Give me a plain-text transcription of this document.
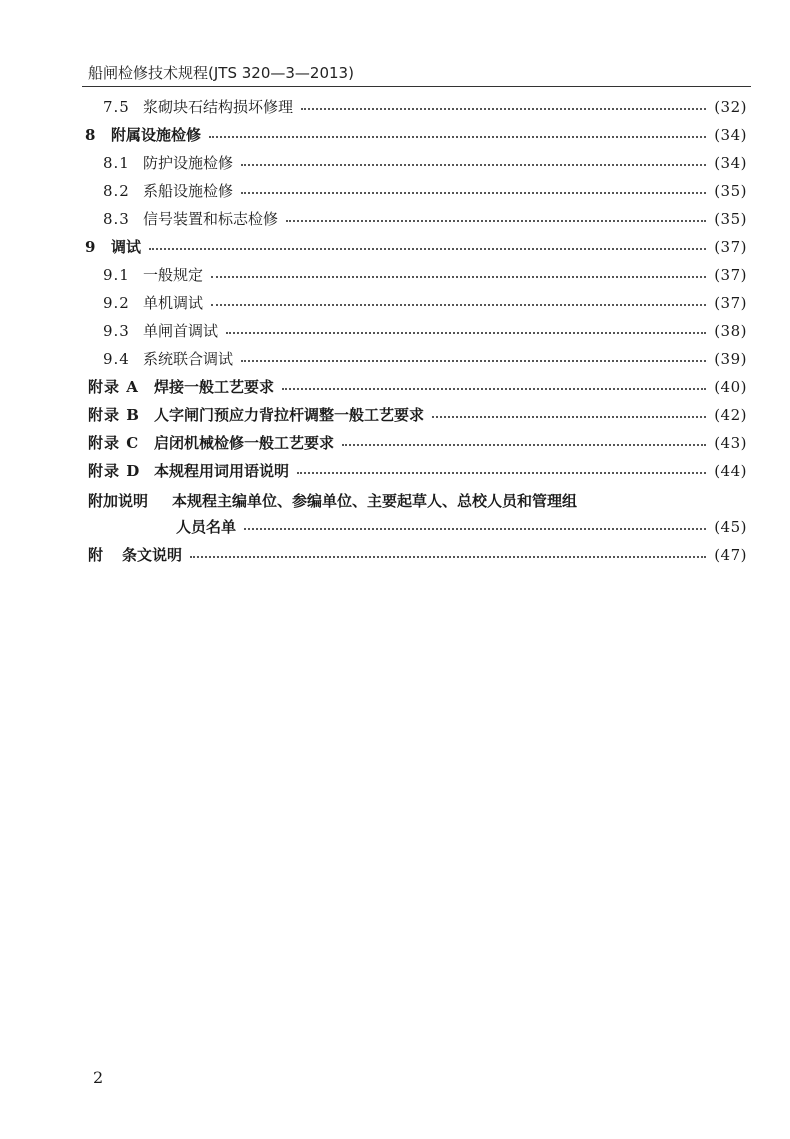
船闸检修技术规程(JTS 320—3—2013)
7.5 浆砌块石结构损坏修理	(32)
8 附属设施检修	(34)
8.1 防护设施检修	(34)
8.2 系船设施检修	(35)
8.3 信号装置和标志检修	(35)
9 调试	(37)
9.1 一般规定	(37)
9.2 单机调试	(37)
9.3 单闸首调试	(38)
9.4 系统联合调试	(39)
附录 A	焊接一般工艺要求	(40)
附录 B 人字闸门预应力背拉杆调整一般工艺要求	(42)
附录 C 启闭机械检修一般工艺要求	(43)
附录 D 本规程用词用语说明	(44)
附加说明 本规程主编单位、参编单位、主要起草人、总校人员和管理组
人员名单	(45)
附	条文说明	(47)
2
